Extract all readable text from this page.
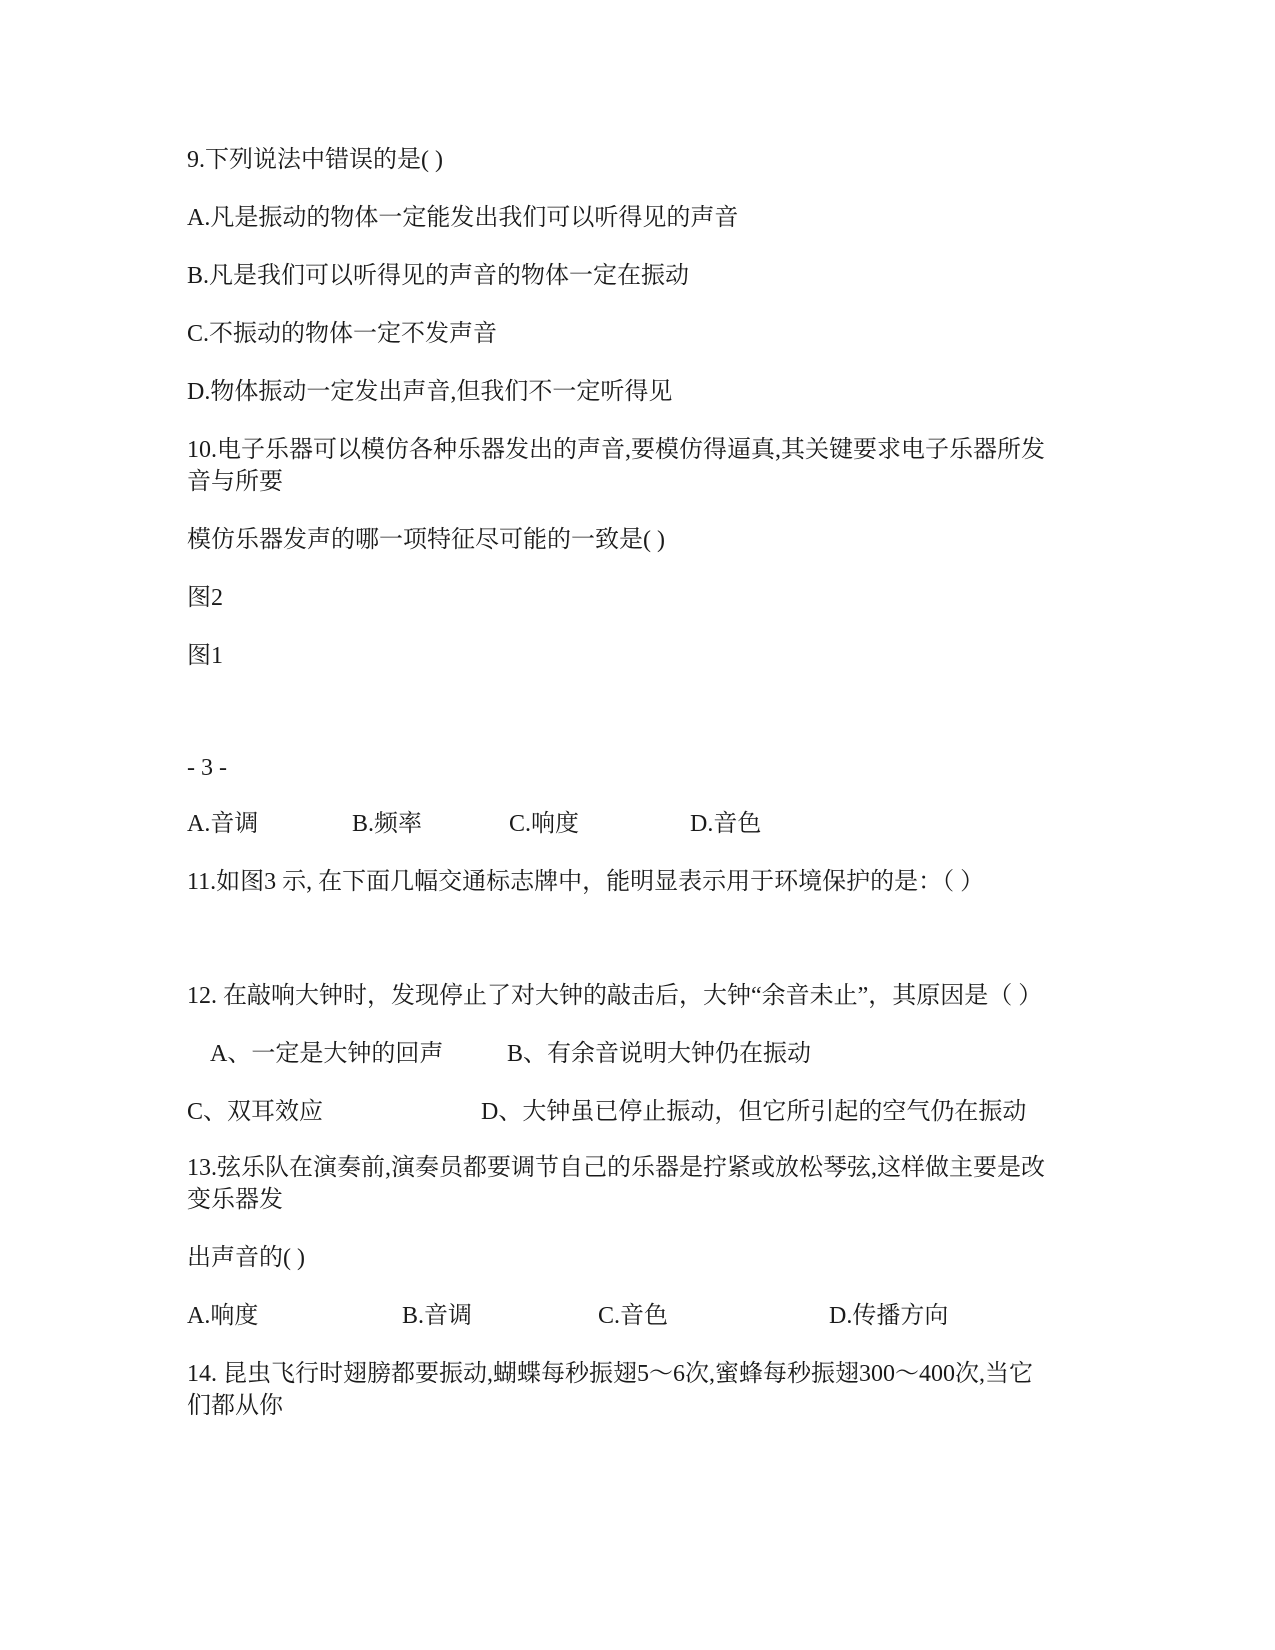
9.下列说法中错误的是( )
A.凡是振动的物体一定能发出我们可以听得见的声音
B.凡是我们可以听得见的声音的物体一定在振动
C.不振动的物体一定不发声音
D.物体振动一定发出声音,但我们不一定听得见
10.电子乐器可以模仿各种乐器发出的声音,要模仿得逼真,其关键要求电子乐器所发
音与所要
模仿乐器发声的哪一项特征尽可能的一致是( )
图2
图1
- 3 -
A.音调	B.频率	C.响度	D.音色
11.如图3 示, 在下面几幅交通标志牌中，能明显表示用于环境保护的是：（ ）
12. 在敲响大钟时，发现停止了对大钟的敲击后，大钟“余音未止”，其原因是（ ）
A、一定是大钟的回声	B、有余音说明大钟仍在振动
C、双耳效应	D、大钟虽已停止振动，但它所引起的空气仍在振动
13.弦乐队在演奏前,演奏员都要调节自己的乐器是拧紧或放松琴弦,这样做主要是改
变乐器发
出声音的( )
A.响度	B.音调	C.音色	D.传播方向
14. 昆虫飞行时翅膀都要振动,蝴蝶每秒振翅5～6次,蜜蜂每秒振翅300～400次,当它
们都从你
